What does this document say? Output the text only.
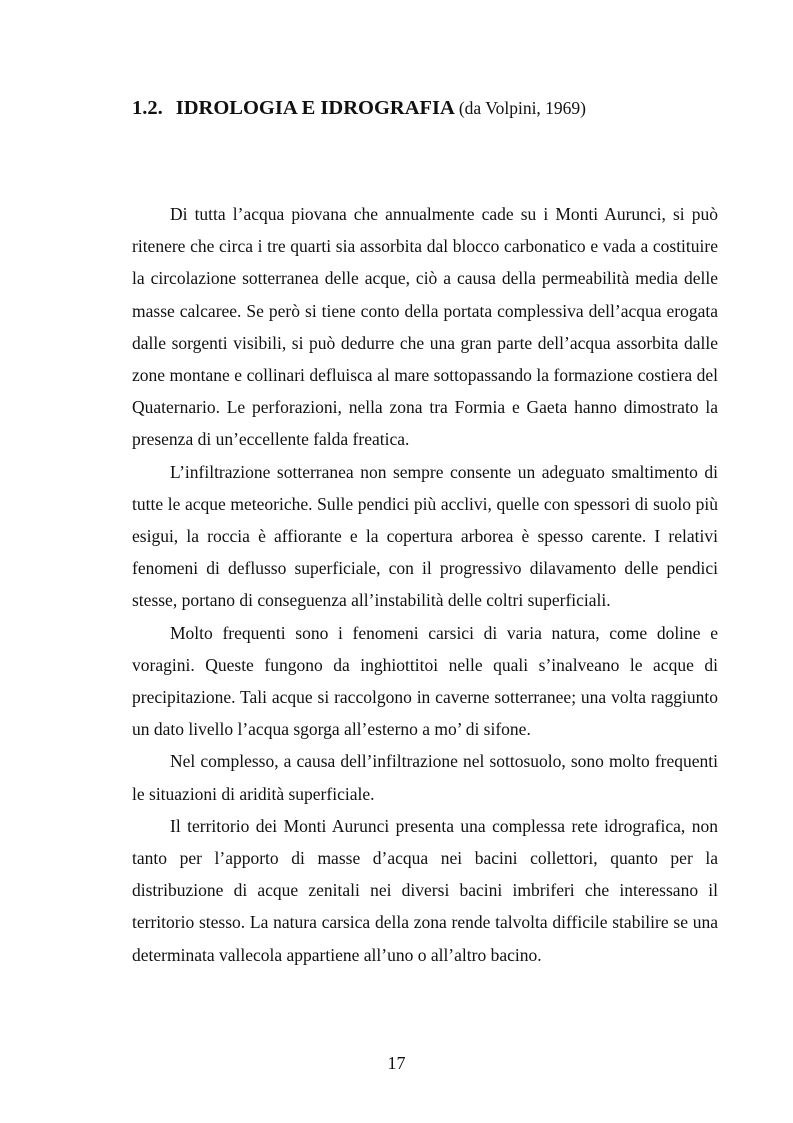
1.2. IDROLOGIA E IDROGRAFIA (da Volpini, 1969)

Di tutta l’acqua piovana che annualmente cade su i Monti Aurunci, si può ritenere che circa i tre quarti sia assorbita dal blocco carbonatico e vada a costituire la circolazione sotterranea delle acque, ciò a causa della permeabilità media delle masse calcaree. Se però si tiene conto della portata complessiva dell’acqua erogata dalle sorgenti visibili, si può dedurre che una gran parte dell’acqua assorbita dalle zone montane e collinari defluisca al mare sottopassando la formazione costiera del Quaternario. Le perforazioni, nella zona tra Formia e Gaeta hanno dimostrato la presenza di un’eccellente falda freatica.

L’infiltrazione sotterranea non sempre consente un adeguato smaltimento di tutte le acque meteoriche. Sulle pendici più acclivi, quelle con spessori di suolo più esigui, la roccia è affiorante e la copertura arborea è spesso carente. I relativi fenomeni di deflusso superficiale, con il progressivo dilavamento delle pendici stesse, portano di conseguenza all’instabilità delle coltri superficiali.

Molto frequenti sono i fenomeni carsici di varia natura, come doline e voragini. Queste fungono da inghiottitoi nelle quali s’inalveano le acque di precipitazione. Tali acque si raccolgono in caverne sotterranee; una volta raggiunto un dato livello l’acqua sgorga all’esterno a mo’ di sifone.

Nel complesso, a causa dell’infiltrazione nel sottosuolo, sono molto frequenti le situazioni di aridità superficiale.

Il territorio dei Monti Aurunci presenta una complessa rete idrografica, non tanto per l’apporto di masse d’acqua nei bacini collettori, quanto per la distribuzione di acque zenitali nei diversi bacini imbriferi che interessano il territorio stesso. La natura carsica della zona rende talvolta difficile stabilire se una determinata vallecola appartiene all’uno o all’altro bacino.

17
